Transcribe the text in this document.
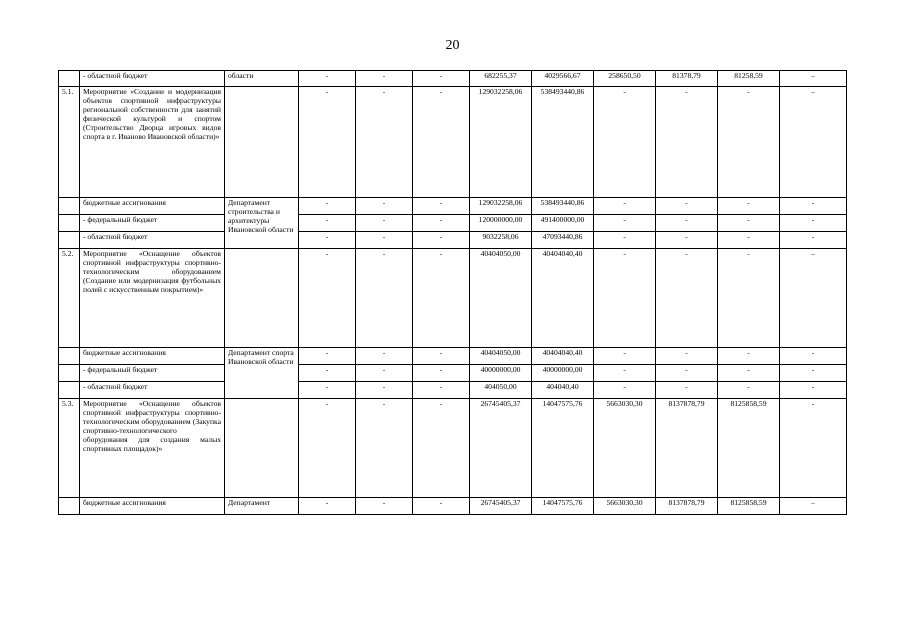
20
	- областной бюджет	области	-	-	-	682255,37	4029566,67	258650,50	81378,79	81258,59	–
5.1.	Мероприятие «Создание и модернизация объектов спортивной инфраструктуры региональной собственности для занятий физической культурой и спортом (Строительство Дворца игровых видов спорта в г. Иваново Ивановской области)»		-	-	-	129032258,06	538493440,86	-	-	-	–
	бюджетные ассигнования	Департамент строительства и архитектуры Ивановской области	-	-	-	129032258,06	538493440,86	-	-	-	-
	- федеральный бюджет		-	-	-	120000000,00	491400000,00	-	-	-	-
	- областной бюджет		-	-	-	9032258,06	47093440,86	-	-	-	-
5.2.	Мероприятие «Оснащение объектов спортивной инфраструктуры спортивно-технологическим оборудованием (Создание или модернизация футбольных полей с искусственным покрытием)»		-	-	-	40404050,00	40404040,40	-	-	-	–
	бюджетные ассигнования	Департамент спорта Ивановской области	-	-	-	40404050,00	40404040,40	-	-	-	-
	- федеральный бюджет		-	-	-	40000000,00	40000000,00	-	-	-	-
	- областной бюджет		-	-	-	404050,00	404040,40	-	-	-	-
5.3.	Мероприятие «Оснащение объектов спортивной инфраструктуры спортивно-технологическим оборудованием (Закупка спортивно-технологического оборудования для создания малых спортивных площадок)»		-	-	-	26745405,37	14047575,76	5663030,30	8137878,79	8125858,59	-
	бюджетные ассигнования	Департамент	-	-	-	26745405,37	14047575,76	5663030,30	8137878,79	8125858,59	–
